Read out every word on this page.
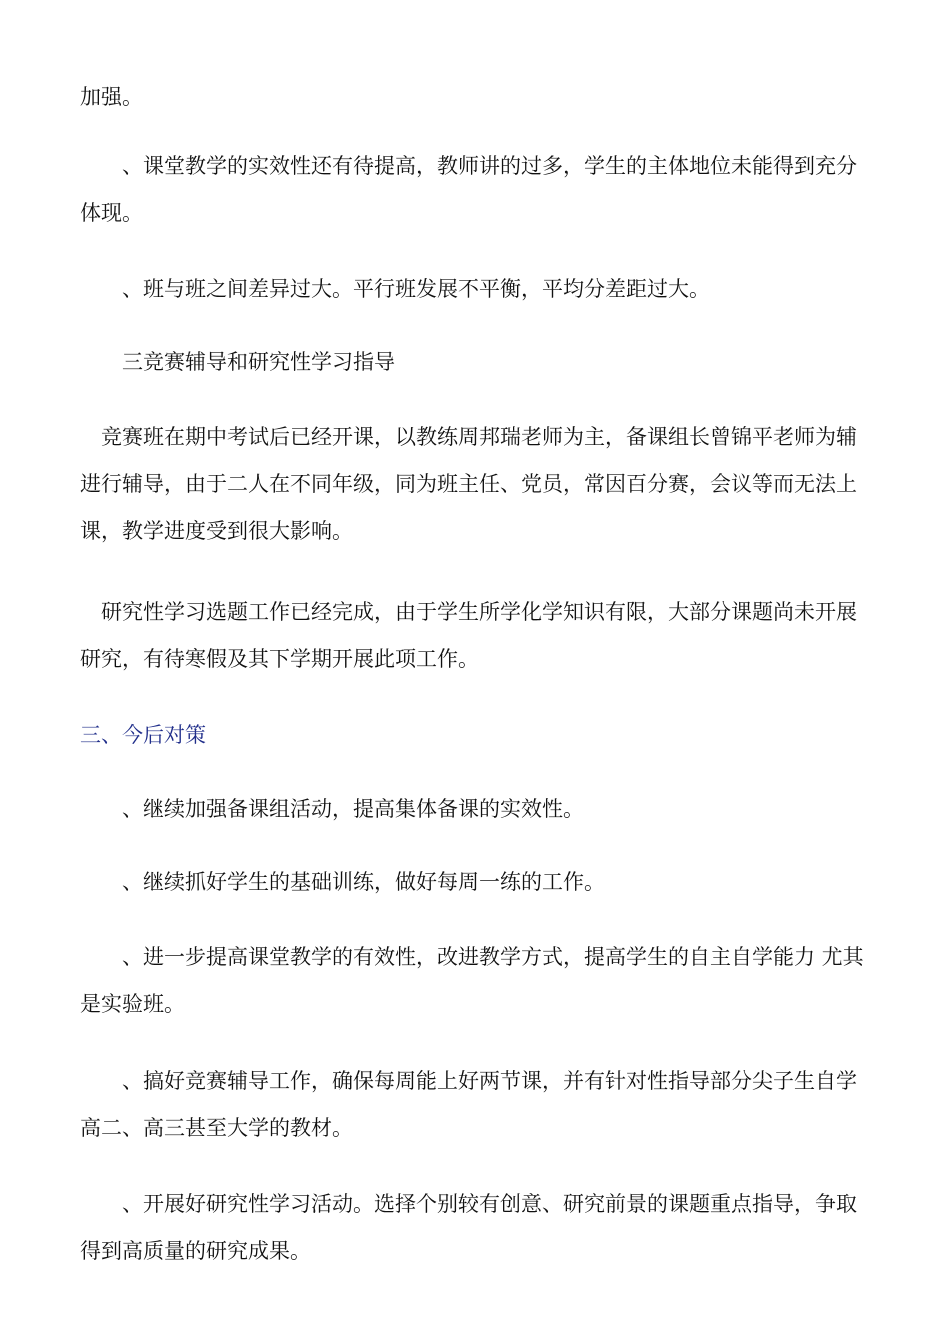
加强。

　　、课堂教学的实效性还有待提高，教师讲的过多，学生的主体地位未能得到充分体现。

　　、班与班之间差异过大。平行班发展不平衡，平均分差距过大。

　　三竞赛辅导和研究性学习指导

　竞赛班在期中考试后已经开课，以教练周邦瑞老师为主，备课组长曾锦平老师为辅进行辅导，由于二人在不同年级，同为班主任、党员，常因百分赛，会议等而无法上课，教学进度受到很大影响。

　研究性学习选题工作已经完成，由于学生所学化学知识有限，大部分课题尚未开展研究，有待寒假及其下学期开展此项工作。

三、今后对策

　　、继续加强备课组活动，提高集体备课的实效性。

　　、继续抓好学生的基础训练，做好每周一练的工作。

　　、进一步提高课堂教学的有效性，改进教学方式，提高学生的自主自学能力 尤其是实验班。

　　、搞好竞赛辅导工作，确保每周能上好两节课，并有针对性指导部分尖子生自学高二、高三甚至大学的教材。

　　、开展好研究性学习活动。选择个别较有创意、研究前景的课题重点指导，争取得到高质量的研究成果。
